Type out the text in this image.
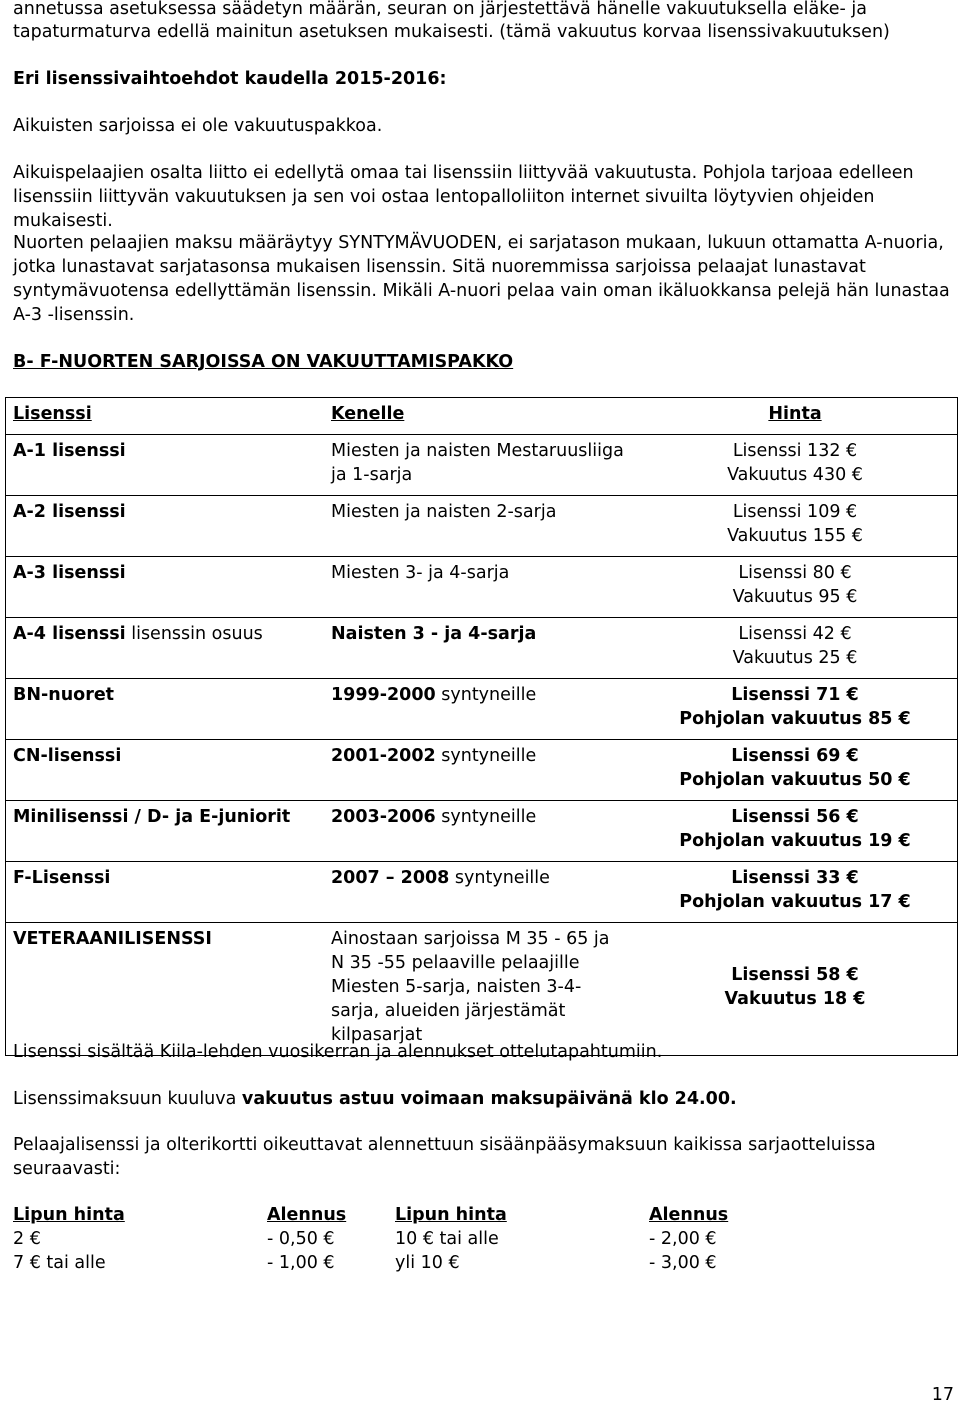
annetussa asetuksessa säädetyn määrän, seuran on järjestettävä hänelle vakuutuksella eläke- ja

tapaturmaturva edellä mainitun asetuksen mukaisesti. (tämä vakuutus korvaa lisenssivakuutuksen)

Eri lisenssivaihtoehdot kaudella 2015-2016:

Aikuisten sarjoissa ei ole vakuutuspakkoa.

Aikuispelaajien osalta liitto ei edellytä omaa tai lisenssiin liittyvää vakuutusta. Pohjola tarjoaa edelleen lisenssiin liittyvän vakuutuksen ja sen voi ostaa lentopalloliiton internet sivuilta löytyvien ohjeiden mukaisesti.

Nuorten pelaajien maksu määräytyy SYNTYMÄVUODEN, ei sarjatason mukaan, lukuun ottamatta A-nuoria, jotka lunastavat sarjatasonsa mukaisen lisenssin. Sitä nuoremmissa sarjoissa pelaajat lunastavat syntymävuotensa edellyttämän lisenssin. Mikäli A-nuori pelaa vain oman ikäluokkansa pelejä hän lunastaa A-3 -lisenssin.

B- F-NUORTEN SARJOISSA ON VAKUUTTAMISPAKKO

Lisenssi	Kenelle	Hinta
A-1 lisenssi	Miesten ja naisten Mestaruusliiga ja 1-sarja	Lisenssi 132 €
Vakuutus 430 €

A-2 lisenssi	Miesten ja naisten 2-sarja	Lisenssi 109 €
Vakuutus 155 €

A-3 lisenssi	Miesten 3- ja 4-sarja	Lisenssi 80 €
Vakuutus 95 €

A-4 lisenssi lisenssin osuus	Naisten 3 - ja 4-sarja	Lisenssi 42 €
Vakuutus 25 €

BN-nuoret	1999-2000 syntyneille	Lisenssi 71 €
Pohjolan vakuutus 85 €

CN-lisenssi	2001-2002 syntyneille	Lisenssi 69 €
Pohjolan vakuutus 50 €

Minilisenssi / D- ja E-juniorit	2003-2006 syntyneille	Lisenssi 56 €
Pohjolan vakuutus 19 €

F-Lisenssi	2007 – 2008 syntyneille	Lisenssi 33 €
Pohjolan vakuutus 17 €

VETERAANILISENSSI	Ainostaan sarjoissa M 35 - 65 ja N 35 -55 pelaaville pelaajille Miesten 5-sarja, naisten 3-4-sarja, alueiden järjestämät kilpasarjat	Lisenssi 58 €
Vakuutus 18 €

Lisenssi sisältää Kiila-lehden vuosikerran ja alennukset ottelutapahtumiin.

Lisenssimaksuun kuuluva vakuutus astuu voimaan maksupäivänä klo 24.00.

Pelaajalisenssi ja olterikortti oikeuttavat alennettuun sisäänpääsymaksuun kaikissa sarjaotteluissa seuraavasti:

Lipun hinta	Alennus	Lipun hinta	Alennus
2 €	- 0,50 €	10 € tai alle	- 2,00 €
7 € tai alle	- 1,00 €	yli 10 €	- 3,00 €

17
